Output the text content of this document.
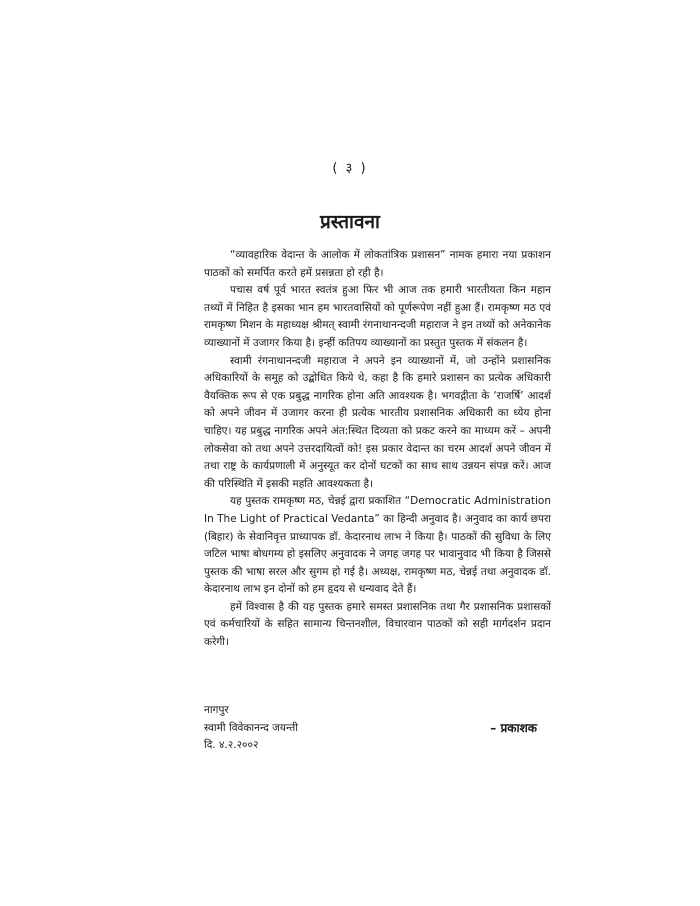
( ३ )
प्रस्तावना

“व्यावहारिक वेदान्त के आलोक में लोकतांत्रिक प्रशासन” नामक हमारा नया प्रकाशन पाठकों को समर्पित करते हमें प्रसन्नता हो रही है।

पचास वर्ष पूर्व भारत स्वतंत्र हुआ फिर भी आज तक हमारी भारतीयता किन महान तथ्यों में निहित है इसका भान हम भारतवासियों को पूर्णरूपेण नहीं हुआ हैं। रामकृष्ण मठ एवं रामकृष्ण मिशन के महाध्यक्ष श्रीमत् स्वामी रंगनाथानन्दजी महाराज ने इन तथ्यों को अनेकानेक व्याख्यानों में उजागर किया है। इन्हीं कतिपय व्याख्यानों का प्रस्तुत पुस्तक में संकलन है।

स्वामी रंगनाथानन्दजी महाराज ने अपने इन व्याख्यानों में, जो उन्होंने प्रशासनिक अधिकारियों के समूह को उद्बोधित किये थे, कहा है कि हमारे प्रशासन का प्रत्येक अधिकारी वैयक्तिक रूप से एक प्रबुद्ध नागरिक होना अति आवश्यक है। भगवद्गीता के ‘राजर्षि’ आदर्श को अपने जीवन में उजागर करना ही प्रत्येक भारतीय प्रशासनिक अधिकारी का ध्येय होना चाहिए। यह प्रबुद्ध नागरिक अपने अंत:स्थित दिव्यता को प्रकट करने का माध्यम करें – अपनी लोकसेवा को तथा अपने उत्तरदायित्वों को! इस प्रकार वेदान्त का चरम आदर्श अपने जीवन में तथा राष्ट्र के कार्यप्रणाली में अनुस्यूत कर दोनों घटकों का साथ साथ उन्नयन संपन्न करें। आज की परिस्थिति में इसकी महति आवश्यकता है।

यह पुस्तक रामकृष्ण मठ, चेन्नई द्वारा प्रकाशित “Democratic Administration In The Light of Practical Vedanta” का हिन्दी अनुवाद है। अनुवाद का कार्य छपरा (बिहार) के सेवानिवृत्त प्राध्यापक डॉ. केदारनाथ लाभ ने किया है। पाठकों की सुविधा के लिए जटिल भाषा बोधगम्य हो इसलिए अनुवादक ने जगह जगह पर भावानुवाद भी किया है जिससे पुस्तक की भाषा सरल और सुगम हो गई है। अध्यक्ष, रामकृष्ण मठ, चेन्नई तथा अनुवादक डॉ. केदारनाथ लाभ इन दोनों को हम हृदय से धन्यवाद देते हैं।

हमें विश्वास है की यह पुस्तक हमारे समस्त प्रशासनिक तथा गैर प्रशासनिक प्रशासकों एवं कर्मचारियों के सहित सामान्य चिन्तनशील, विचारवान पाठकों को सही मार्गदर्शन प्रदान करेगी।

नागपुर
स्वामी विवेकानन्द जयन्ती	– प्रकाशक
दि. ४.२.२००२
